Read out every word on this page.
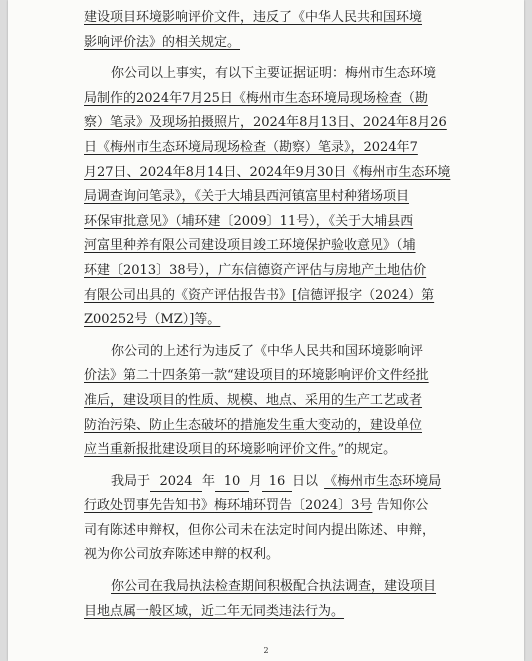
建设项目环境影响评价文件，违反了《中华人民共和国环境
影响评价法》的相关规定。
你公司以上事实，有以下主要证据证明：梅州市生态环境
局制作的2024年7月25日《梅州市生态环境局现场检查（勘
察）笔录》及现场拍摄照片，2024年8月13日、2024年8月26
日《梅州市生态环境局现场检查（勘察）笔录》，2024年7
月27日、2024年8月14日、2024年9月30日《梅州市生态环境
局调查询问笔录》，《关于大埔县西河镇富里村种猪场项目
环保审批意见》（埔环建〔2009〕11号），《关于大埔县西
河富里种养有限公司建设项目竣工环境保护验收意见》（埔
环建〔2013〕38号），广东信德资产评估与房地产土地估价
有限公司出具的《资产评估报告书》[信德评报字（2024）第
Z00252号（MZ）]等。
你公司的上述行为违反了《中华人民共和国环境影响评
价法》第二十四条第一款“建设项目的环境影响评价文件经批
准后，建设项目的性质、规模、地点、采用的生产工艺或者
防治污染、防止生态破坏的措施发生重大变动的，建设单位
应当重新报批建设项目的环境影响评价文件。”的规定。
我局于 2024 年 10 月 16 日以 《梅州市生态环境局
行政处罚事先告知书》梅环埔环罚告〔2024〕3号 告知你公
司有陈述申辩权，但你公司未在法定时间内提出陈述、申辩，
视为你公司放弃陈述申辩的权利。
你公司在我局执法检查期间积极配合执法调查，建设项目
目地点属一般区域，近二年无同类违法行为。
2
